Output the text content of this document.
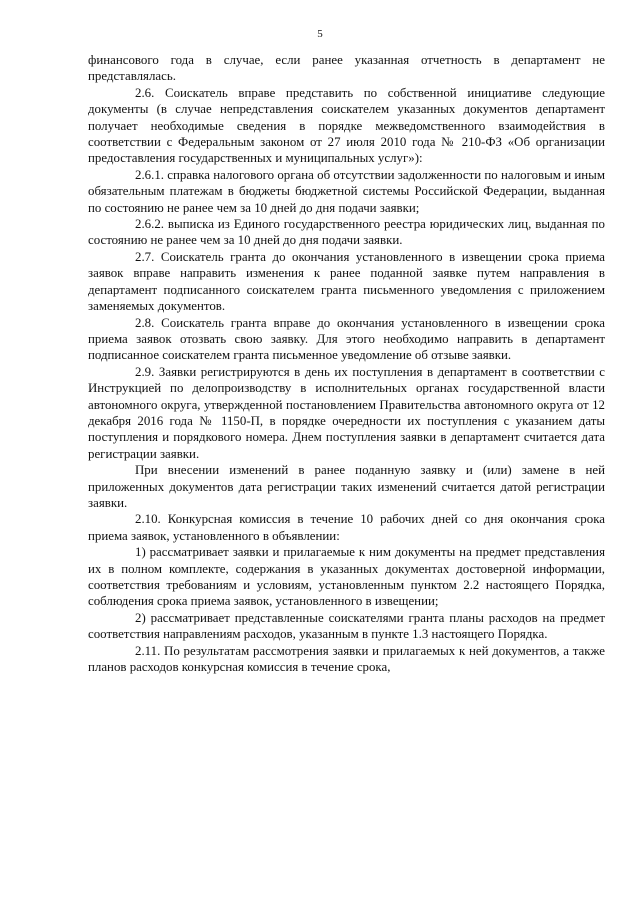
5

финансового года в случае, если ранее указанная отчетность в департамент не представлялась.

2.6. Соискатель вправе представить по собственной инициативе следующие документы (в случае непредставления соискателем указанных документов департамент получает необходимые сведения в порядке межведомственного взаимодействия в соответствии с Федеральным законом от 27 июля 2010 года № 210-ФЗ «Об организации предоставления государственных и муниципальных услуг»):

2.6.1. справка налогового органа об отсутствии задолженности по налоговым и иным обязательным платежам в бюджеты бюджетной системы Российской Федерации, выданная по состоянию не ранее чем за 10 дней до дня подачи заявки;

2.6.2. выписка из Единого государственного реестра юридических лиц, выданная по состоянию не ранее чем за 10 дней до дня подачи заявки.

2.7. Соискатель гранта до окончания установленного в извещении срока приема заявок вправе направить изменения к ранее поданной заявке путем направления в департамент подписанного соискателем гранта письменного уведомления с приложением заменяемых документов.

2.8. Соискатель гранта вправе до окончания установленного в извещении срока приема заявок отозвать свою заявку. Для этого необходимо направить в департамент подписанное соискателем гранта письменное уведомление об отзыве заявки.

2.9. Заявки регистрируются в день их поступления в департамент в соответствии с Инструкцией по делопроизводству в исполнительных органах государственной власти автономного округа, утвержденной постановлением Правительства автономного округа от 12 декабря 2016 года № 1150-П, в порядке очередности их поступления с указанием даты поступления и порядкового номера. Днем поступления заявки в департамент считается дата регистрации заявки.

При внесении изменений в ранее поданную заявку и (или) замене в ней приложенных документов дата регистрации таких изменений считается датой регистрации заявки.

2.10. Конкурсная комиссия в течение 10 рабочих дней со дня окончания срока приема заявок, установленного в объявлении:

1) рассматривает заявки и прилагаемые к ним документы на предмет представления их в полном комплекте, содержания в указанных документах достоверной информации, соответствия требованиям и условиям, установленным пунктом 2.2 настоящего Порядка, соблюдения срока приема заявок, установленного в извещении;

2) рассматривает представленные соискателями гранта планы расходов на предмет соответствия направлениям расходов, указанным в пункте 1.3 настоящего Порядка.

2.11. По результатам рассмотрения заявки и прилагаемых к ней документов, а также планов расходов конкурсная комиссия в течение срока,
